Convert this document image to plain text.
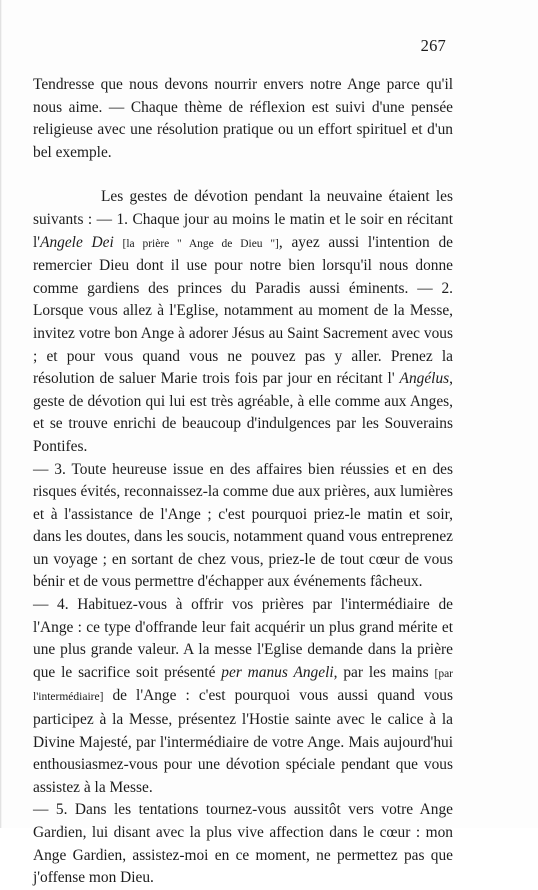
267

Tendresse que nous devons nourrir envers notre Ange parce qu'il nous aime. — Chaque thème de réflexion est suivi d'une pensée religieuse avec une résolution pratique ou un effort spirituel et d'un bel exemple.

Les gestes de dévotion pendant la neuvaine étaient les suivants : — 1. Chaque jour au moins le matin et le soir en récitant l'Angele Dei [la prière " Ange de Dieu "], ayez aussi l'intention de remercier Dieu dont il use pour notre bien lorsqu'il nous donne comme gardiens des princes du Paradis aussi éminents. — 2. Lorsque vous allez à l'Eglise, notamment au moment de la Messe, invitez votre bon Ange à adorer Jésus au Saint Sacrement avec vous ; et pour vous quand vous ne pouvez pas y aller. Prenez la résolution de saluer Marie trois fois par jour en récitant l' Angélus, geste de dévotion qui lui est très agréable, à elle comme aux Anges, et se trouve enrichi de beaucoup d'indulgences par les Souverains Pontifes.

— 3. Toute heureuse issue en des affaires bien réussies et en des risques évités, reconnaissez-la comme due aux prières, aux lumières et à l'assistance de l'Ange ; c'est pourquoi priez-le matin et soir, dans les doutes, dans les soucis, notamment quand vous entreprenez un voyage ; en sortant de chez vous, priez-le de tout cœur de vous bénir et de vous permettre d'échapper aux événements fâcheux.

— 4. Habituez-vous à offrir vos prières par l'intermédiaire de l'Ange : ce type d'offrande leur fait acquérir un plus grand mérite et une plus grande valeur. A la messe l'Eglise demande dans la prière que le sacrifice soit présenté per manus Angeli, par les mains [par l'intermédiaire] de l'Ange : c'est pourquoi vous aussi quand vous participez à la Messe, présentez l'Hostie sainte avec le calice à la Divine Majesté, par l'intermédiaire de votre Ange. Mais aujourd'hui enthousiasmez-vous pour une dévotion spéciale pendant que vous assistez à la Messe.

— 5. Dans les tentations tournez-vous aussitôt vers votre Ange Gardien, lui disant avec la plus vive affection dans le cœur : mon Ange Gardien, assistez-moi en ce moment, ne permettez pas que j'offense mon Dieu.
